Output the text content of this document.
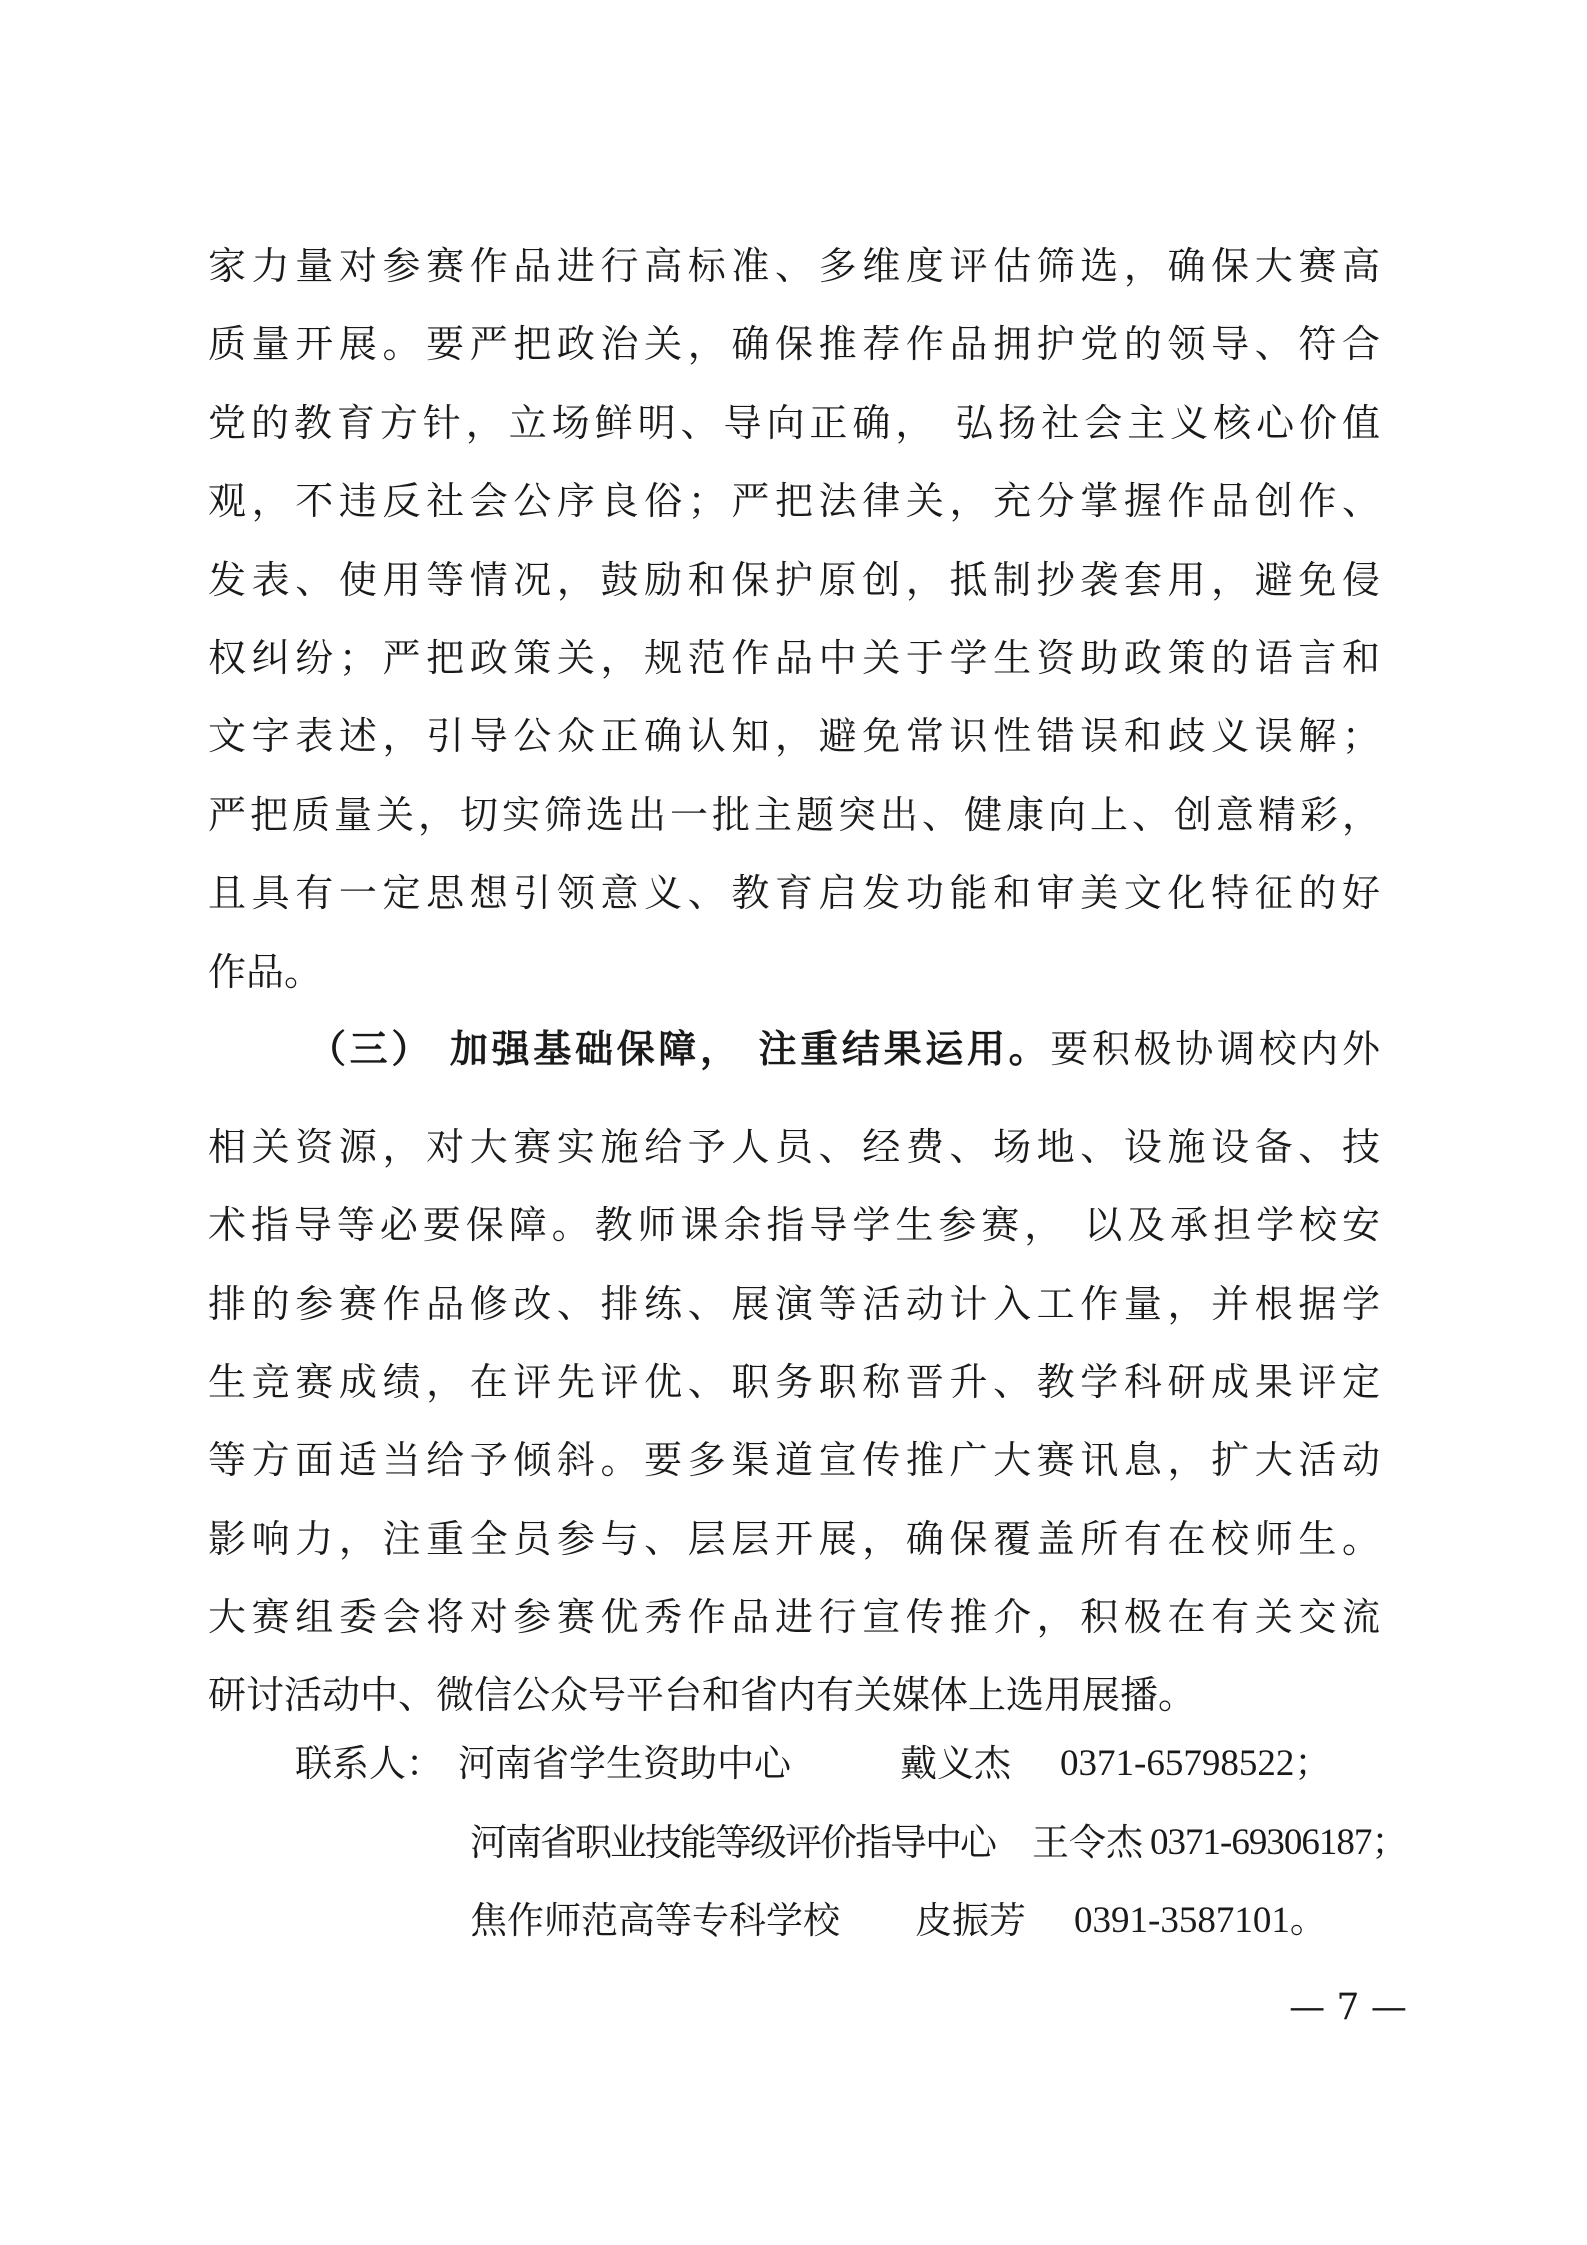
家力量对参赛作品进行高标准、多维度评估筛选，确保大赛高
质量开展。要严把政治关，确保推荐作品拥护党的领导、符合
党的教育方针，立场鲜明、导向正确， 弘扬社会主义核心价值
观，不违反社会公序良俗；严把法律关，充分掌握作品创作、
发表、使用等情况，鼓励和保护原创，抵制抄袭套用，避免侵
权纠纷；严把政策关，规范作品中关于学生资助政策的语言和
文字表述，引导公众正确认知，避免常识性错误和歧义误解；
严把质量关，切实筛选出一批主题突出、健康向上、创意精彩，
且具有一定思想引领意义、教育启发功能和审美文化特征的好
作品。
（三） 加强基础保障， 注重结果运用。要积极协调校内外
相关资源，对大赛实施给予人员、经费、场地、设施设备、技
术指导等必要保障。教师课余指导学生参赛， 以及承担学校安
排的参赛作品修改、排练、展演等活动计入工作量，并根据学
生竞赛成绩，在评先评优、职务职称晋升、教学科研成果评定
等方面适当给予倾斜。要多渠道宣传推广大赛讯息，扩大活动
影响力，注重全员参与、层层开展，确保覆盖所有在校师生。
大赛组委会将对参赛优秀作品进行宣传推介，积极在有关交流
研讨活动中、微信公众号平台和省内有关媒体上选用展播。
联系人： 河南省学生资助中心	戴义杰 0371-65798522；
河南省职业技能等级评价指导中心 王令杰 0371-69306187；
焦作师范高等专科学校 皮振芳 0391-3587101。
— 7 —
